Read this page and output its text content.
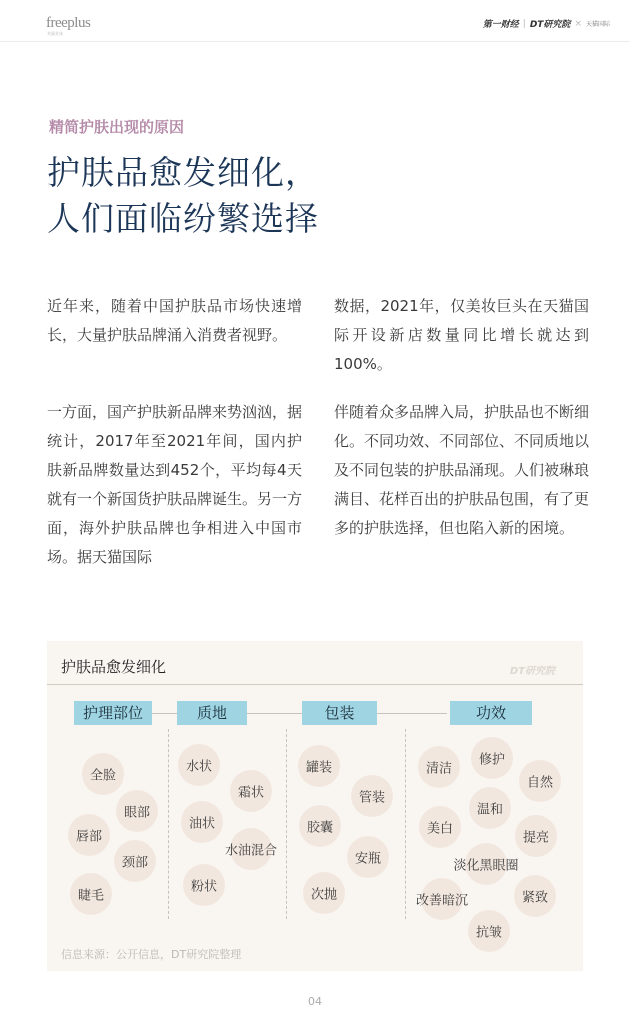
freeplus
芙丽芳丝
第一财经 | DT研究院 × 天猫国际
精简护肤出现的原因
护肤品愈发细化，
人们面临纷繁选择
近年来，随着中国护肤品市场快速增长，大量护肤品牌涌入消费者视野。
一方面，国产护肤新品牌来势汹汹，据统计，2017年至2021年间，国内护肤新品牌数量达到452个，平均每4天就有一个新国货护肤品牌诞生。另一方面，海外护肤品牌也争相进入中国市场。据天猫国际
数据，2021年，仅美妆巨头在天猫国际开设新店数量同比增长就达到100%。
伴随着众多品牌入局，护肤品也不断细化。不同功效、不同部位、不同质地以及不同包装的护肤品涌现。人们被琳琅满目、花样百出的护肤品包围，有了更多的护肤选择，但也陷入新的困境。
护肤品愈发细化	DT研究院
护理部位	质地	包装	功效
全脸
眼部
唇部
颈部
睫毛
水状
霜状
油状
水油混合
粉状
罐装
管装
胶囊
安瓶
次抛
修护
清洁
自然
温和
美白
提亮
淡化黑眼圈
改善暗沉	紧致
抗皱
信息来源：公开信息，DT研究院整理
04
